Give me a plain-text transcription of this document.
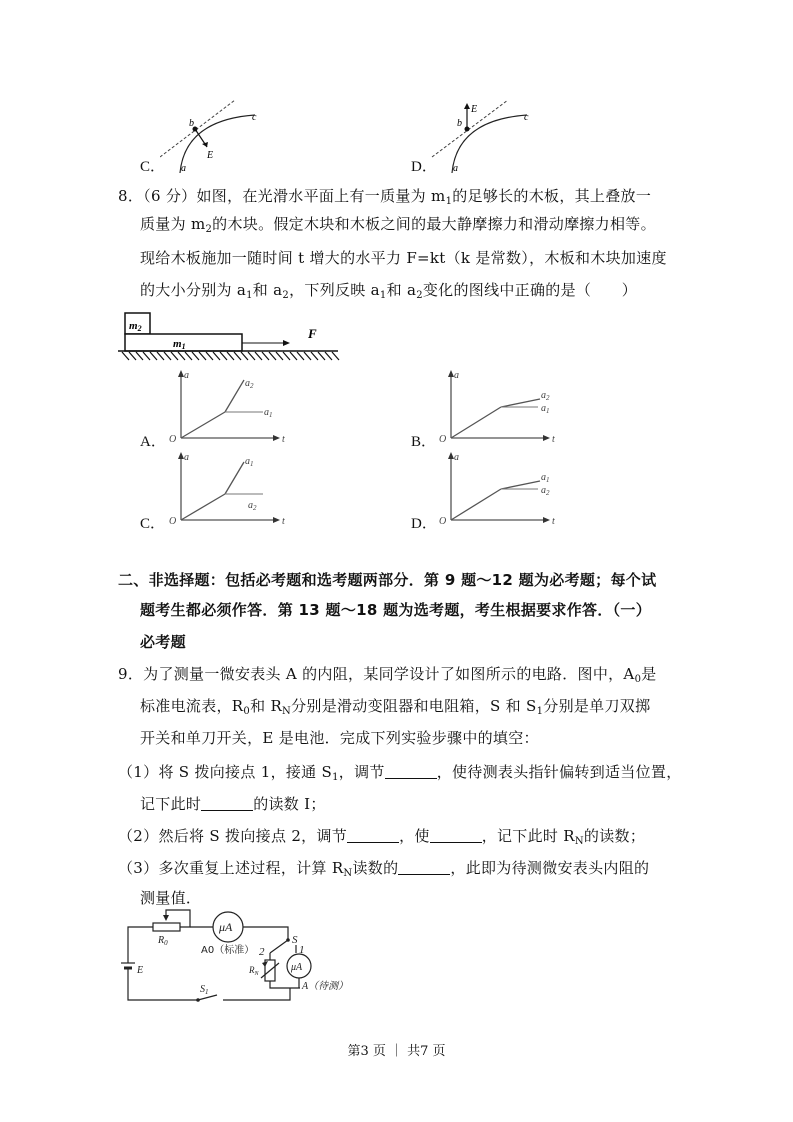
C．
b
c
a
E
D．
b
c
a
E
8．（6 分）如图，在光滑水平面上有一质量为 $m_1$的足够长的木板，其上叠放一
质量为 $m_2$的木块。假定木块和木板之间的最大静摩擦力和滑动摩擦力相等。
现给木板施加一随时间 t 增大的水平力 F=kt（k 是常数），木板和木块加速度
的大小分别为 $a_1$和 $a_2$，下列反映 $a_1$和 $a_2$变化的图线中正确的是（　　）
m2
m1
F
A．	B．
C．	D．
a
t
O
$a_2$
$a_1$
a
t
O
$a_2$
$a_1$
a
t
O
$a_1$
$a_2$
a
t
O
$a_1$
$a_2$
二、非选择题：包括必考题和选考题两部分．第 9 题～12 题为必考题；每个试
题考生都必须作答．第 13 题～18 题为选考题，考生根据要求作答．（一）
必考题
9．为了测量一微安表头 A 的内阻，某同学设计了如图所示的电路．图中，$A_0$是
标准电流表，$R_0$和 $R_N$分别是滑动变阻器和电阻箱，S 和 $S_1$分别是单刀双掷
开关和单刀开关，E 是电池．完成下列实验步骤中的填空：
（1）将 S 拨向接点 1，接通 $S_1$，调节	，使待测表头指针偏转到适当位置，
记下此时	的读数 I；
（2）然后将 S 拨向接点 2，调节	，使	，记下此时 $R_N$的读数；
（3）多次重复上述过程，计算 $R_N$读数的	，此即为待测微安表头内阻的
测量值．
$R_0$
μA
S
1
2
$R_N$
μA
A（待测）
E
$S_1$
A0（标准）
第3 页 ｜ 共7 页
